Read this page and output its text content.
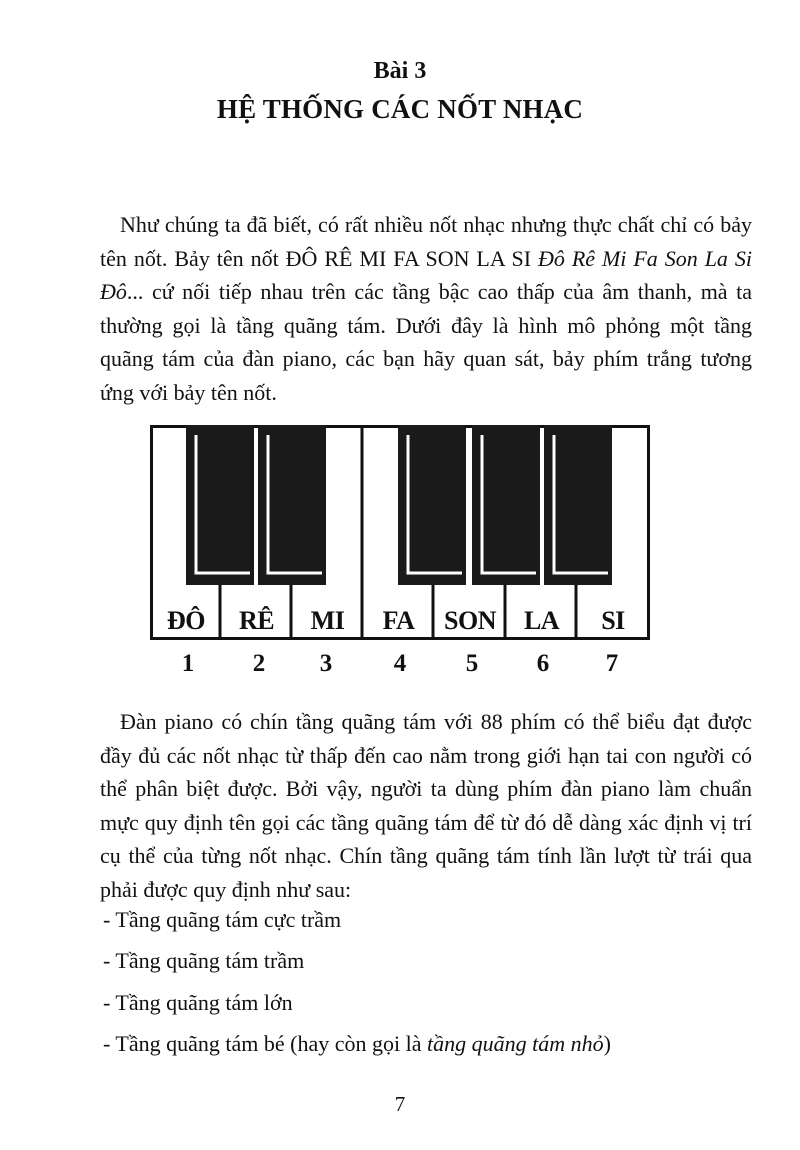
Bài 3
HỆ THỐNG CÁC NỐT NHẠC

Như chúng ta đã biết, có rất nhiều nốt nhạc nhưng thực chất chỉ có bảy tên nốt. Bảy tên nốt ĐÔ RÊ MI FA SON LA SI Đô Rê Mi Fa Son La Si Đô... cứ nối tiếp nhau trên các tầng bậc cao thấp của âm thanh, mà ta thường gọi là tầng quãng tám. Dưới đây là hình mô phỏng một tầng quãng tám của đàn piano, các bạn hãy quan sát, bảy phím trắng tương ứng với bảy tên nốt.

ĐÔ	RÊ	MI	FA	SON	LA	SI
1	2	3	4	5	6	7

Đàn piano có chín tầng quãng tám với 88 phím có thể biểu đạt được đầy đủ các nốt nhạc từ thấp đến cao nằm trong giới hạn tai con người có thể phân biệt được. Bởi vậy, người ta dùng phím đàn piano làm chuẩn mực quy định tên gọi các tầng quãng tám để từ đó dễ dàng xác định vị trí cụ thể của từng nốt nhạc. Chín tầng quãng tám tính lần lượt từ trái qua phải được quy định như sau:

- Tầng quãng tám cực trầm
- Tầng quãng tám trầm
- Tầng quãng tám lớn
- Tầng quãng tám bé (hay còn gọi là tầng quãng tám nhỏ)
7
